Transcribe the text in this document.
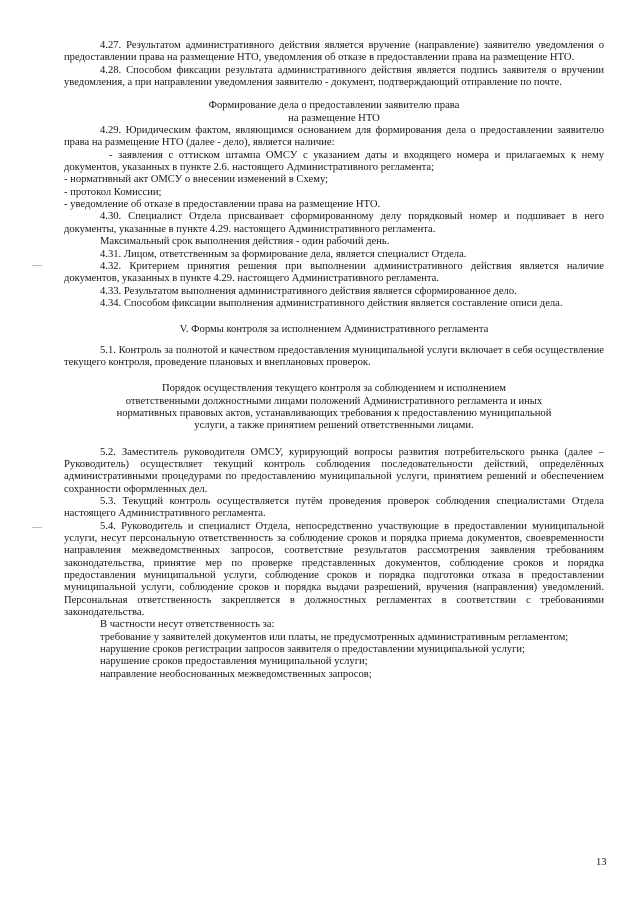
4.27. Результатом административного действия является вручение (направление) заявителю уведомления о предоставлении права на размещение НТО, уведомления об отказе в предоставлении права на размещение НТО.

4.28. Способом фиксации результата административного действия является подпись заявителя о вручении уведомления, а при направлении уведомления заявителю - документ, подтверждающий отправление по почте.

Формирование дела о предоставлении заявителю права

на размещение НТО

4.29. Юридическим фактом, являющимся основанием для формирования дела о предоставлении заявителю права на размещение НТО (далее - дело), является наличие:

- заявления с оттиском штампа ОМСУ с указанием даты и входящего номера и прилагаемых к нему документов, указанных в пункте 2.6. настоящего Административного регламента;

- нормативный акт ОМСУ о внесении изменений в Схему;

- протокол Комиссии;

- уведомление об отказе в предоставлении права на размещение НТО.

4.30. Специалист Отдела присваивает сформированному делу порядковый номер и подшивает в него документы, указанные в пункте 4.29. настоящего Административного регламента.

Максимальный срок выполнения действия - один рабочий день.

4.31. Лицом, ответственным за формирование дела, является специалист Отдела.

4.32. Критерием принятия решения при выполнении административного действия является наличие документов, указанных в пункте 4.29. настоящего Административного регламента.

4.33. Результатом выполнения административного действия является сформированное дело.

4.34. Способом фиксации выполнения административного действия является составление описи дела.

V. Формы контроля за исполнением Административного регламента

5.1. Контроль за полнотой и качеством предоставления муниципальной услуги включает в себя осуществление текущего контроля, проведение плановых и внеплановых проверок.

Порядок осуществления текущего контроля за соблюдением и исполнением

ответственными должностными лицами положений Административного регламента и иных

нормативных правовых актов, устанавливающих требования к предоставлению муниципальной

услуги, а также принятием решений ответственными лицами.

5.2. Заместитель руководителя ОМСУ, курирующий вопросы развития потребительского рынка (далее – Руководитель) осуществляет текущий контроль соблюдения последовательности действий, определённых административными процедурами по предоставлению муниципальной услуги, принятием решений и обеспечением сохранности оформленных дел.

5.3. Текущий контроль осуществляется путём проведения проверок соблюдения специалистами Отдела настоящего Административного регламента.

5.4. Руководитель и специалист Отдела, непосредственно участвующие в предоставлении муниципальной услуги, несут персональную ответственность за соблюдение сроков и порядка приема документов, своевременности направления межведомственных запросов, соответствие результатов рассмотрения заявления требованиям законодательства, принятие мер по проверке представленных документов, соблюдение сроков и порядка предоставления муниципальной услуги, соблюдение сроков и порядка подготовки отказа в предоставлении муниципальной услуги, соблюдение сроков и порядка выдачи разрешений, вручения (направления) уведомлений. Персональная ответственность закрепляется в должностных регламентах в соответствии с требованиями законодательства.

В частности несут ответственность за:

требование у заявителей документов или платы, не предусмотренных административным регламентом;

нарушение сроков регистрации запросов заявителя о предоставлении муниципальной услуги;

нарушение сроков предоставления муниципальной услуги;

направление необоснованных межведомственных запросов;

13
